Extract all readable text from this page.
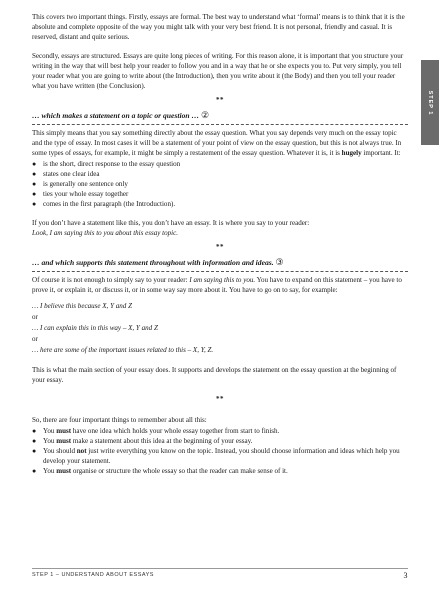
STEP 1

This covers two important things. Firstly, essays are formal. The best way to understand what ‘formal’ means is to think that it is the absolute and complete opposite of the way you might talk with your very best friend. It is not personal, friendly and casual. It is reserved, distant and quite serious.

Secondly, essays are structured. Essays are quite long pieces of writing. For this reason alone, it is important that you structure your writing in the way that will best help your reader to follow you and in a way that he or she expects you to. Put very simply, you tell your reader what you are going to write about (the Introduction), then you write about it (the Body) and then you tell your reader what you have written (the Conclusion).

**
… which makes a statement on a topic or question … ②

This simply means that you say something directly about the essay question. What you say depends very much on the essay topic and the type of essay. In most cases it will be a statement of your point of view on the essay question, but this is not always true. In some types of essays, for example, it might be simply a restatement of the essay question. Whatever it is, it is hugely important. It:

● is the short, direct response to the essay question
● states one clear idea
● is generally one sentence only
● ties your whole essay together
● comes in the first paragraph (the Introduction).

If you don’t have a statement like this, you don’t have an essay. It is where you say to your reader:

Look, I am saying this to you about this essay topic.

**
… and which supports this statement throughout with information and ideas. ③

Of course it is not enough to simply say to your reader: I am saying this to you. You have to expand on this statement – you have to prove it, or explain it, or discuss it, or in some way say more about it. You have to go on to say, for example:

… I believe this because X, Y and Z
or
… I can explain this in this way – X, Y and Z
or
… here are some of the important issues related to this – X, Y, Z.

This is what the main section of your essay does. It supports and develops the statement on the essay question at the beginning of your essay.

**

So, there are four important things to remember about all this:

● You must have one idea which holds your whole essay together from start to finish.
● You must make a statement about this idea at the beginning of your essay.
● You should not just write everything you know on the topic. Instead, you should choose information and ideas which help you develop your statement.
● You must organise or structure the whole essay so that the reader can make sense of it.
STEP 1 – UNDERSTAND ABOUT ESSAYS	3
